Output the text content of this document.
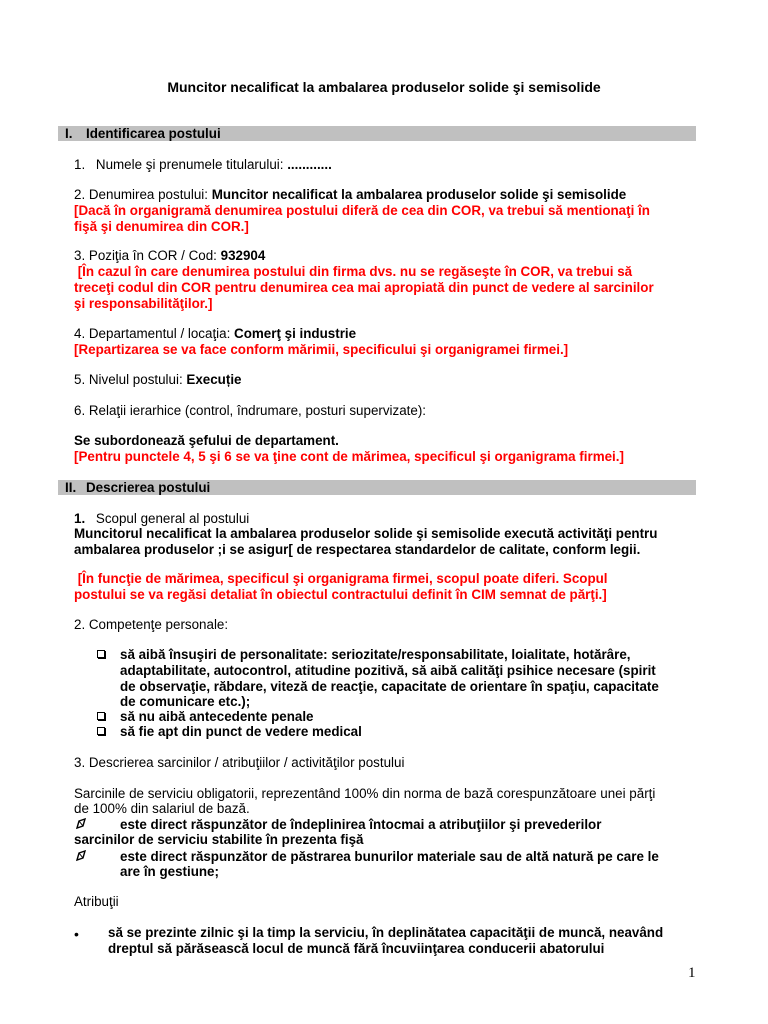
Muncitor necalificat la ambalarea produselor solide şi semisolide
I. Identificarea postului
1. Numele şi prenumele titularului: ............
2. Denumirea postului: Muncitor necalificat la ambalarea produselor solide şi semisolide
[Dacă în organigramă denumirea postului diferă de cea din COR, va trebui să mentionaţi în
fişă şi denumirea din COR.]
3. Poziţia în COR / Cod: 932904
[În cazul în care denumirea postului din firma dvs. nu se regăseşte în COR, va trebui să
treceţi codul din COR pentru denumirea cea mai apropiată din punct de vedere al sarcinilor
şi responsabilităţilor.]
4. Departamentul / locaţia: Comerţ şi industrie
[Repartizarea se va face conform mărimii, specificului şi organigramei firmei.]
5. Nivelul postului: Execuție
6. Relaţii ierarhice (control, îndrumare, posturi supervizate):
Se subordonează şefului de departament.
[Pentru punctele 4, 5 şi 6 se va ţine cont de mărimea, specificul şi organigrama firmei.]
II. Descrierea postului
1. Scopul general al postului
Muncitorul necalificat la ambalarea produselor solide şi semisolide execută activităţi pentru
ambalarea produselor ;i se asigur[ de respectarea standardelor de calitate, conform legii.
[În funcţie de mărimea, specificul şi organigrama firmei, scopul poate diferi. Scopul
postului se va regăsi detaliat în obiectul contractului definit în CIM semnat de părţi.]
2. Competenţe personale:
să aibă însuşiri de personalitate: seriozitate/responsabilitate, loialitate, hotărâre,
adaptabilitate, autocontrol, atitudine pozitivă, să aibă calităţi psihice necesare (spirit
de observaţie, răbdare, viteză de reacţie, capacitate de orientare în spaţiu, capacitate
de comunicare etc.);
să nu aibă antecedente penale
să fie apt din punct de vedere medical
3. Descrierea sarcinilor / atribuţiilor / activităţilor postului
Sarcinile de serviciu obligatorii, reprezentând 100% din norma de bază corespunzătoare unei părţi
de 100% din salariul de bază.
este direct răspunzător de îndeplinirea întocmai a atribuţiilor şi prevederilor
sarcinilor de serviciu stabilite în prezenta fişă
este direct răspunzător de păstrarea bunurilor materiale sau de altă natură pe care le
are în gestiune;
Atribuţii
• să se prezinte zilnic şi la timp la serviciu, în deplinătatea capacităţii de muncă, neavând
dreptul să părăsească locul de muncă fără încuviinţarea conducerii abatorului
1
